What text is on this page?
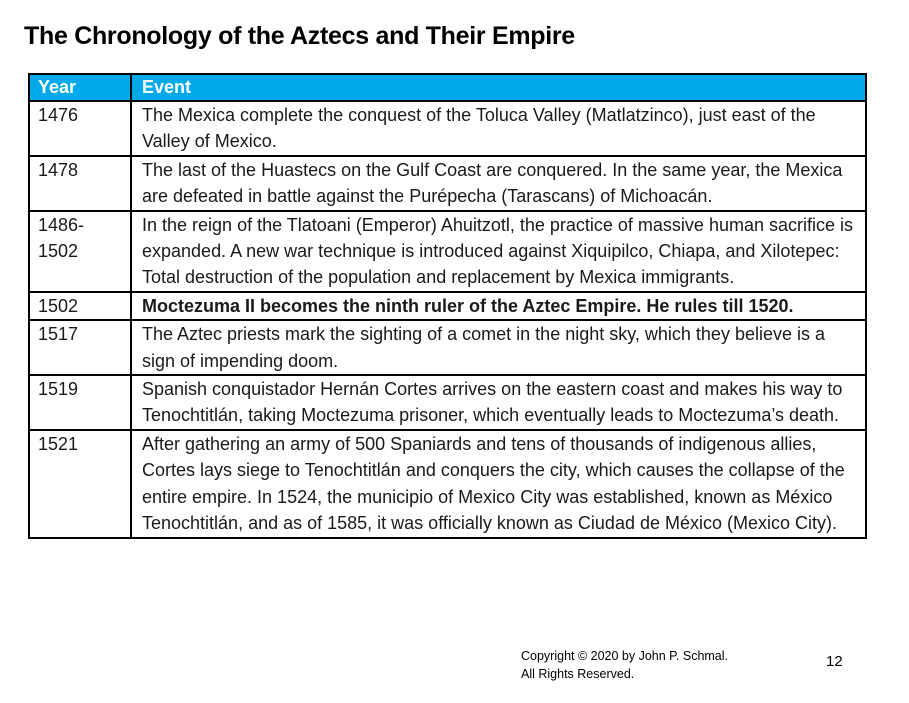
The Chronology of the Aztecs and Their Empire
Year	Event
1476	The Mexica complete the conquest of the Toluca Valley (Matlatzinco), just east of the Valley of Mexico.
1478	The last of the Huastecs on the Gulf Coast are conquered. In the same year, the Mexica are defeated in battle against the Purépecha (Tarascans) of Michoacán.
1486-1502	In the reign of the Tlatoani (Emperor) Ahuitzotl, the practice of massive human sacrifice is expanded. A new war technique is introduced against Xiquipilco, Chiapa, and Xilotepec: Total destruction of the population and replacement by Mexica immigrants.
1502	Moctezuma II becomes the ninth ruler of the Aztec Empire. He rules till 1520.
1517	The Aztec priests mark the sighting of a comet in the night sky, which they believe is a sign of impending doom.
1519	Spanish conquistador Hernán Cortes arrives on the eastern coast and makes his way to Tenochtitlán, taking Moctezuma prisoner, which eventually leads to Moctezuma’s death.
1521	After gathering an army of 500 Spaniards and tens of thousands of indigenous allies, Cortes lays siege to Tenochtitlán and conquers the city, which causes the collapse of the entire empire. In 1524, the municipio of Mexico City was established, known as México Tenochtitlán, and as of 1585, it was officially known as Ciudad de México (Mexico City).
Copyright © 2020 by John P. Schmal.
All Rights Reserved.
12
